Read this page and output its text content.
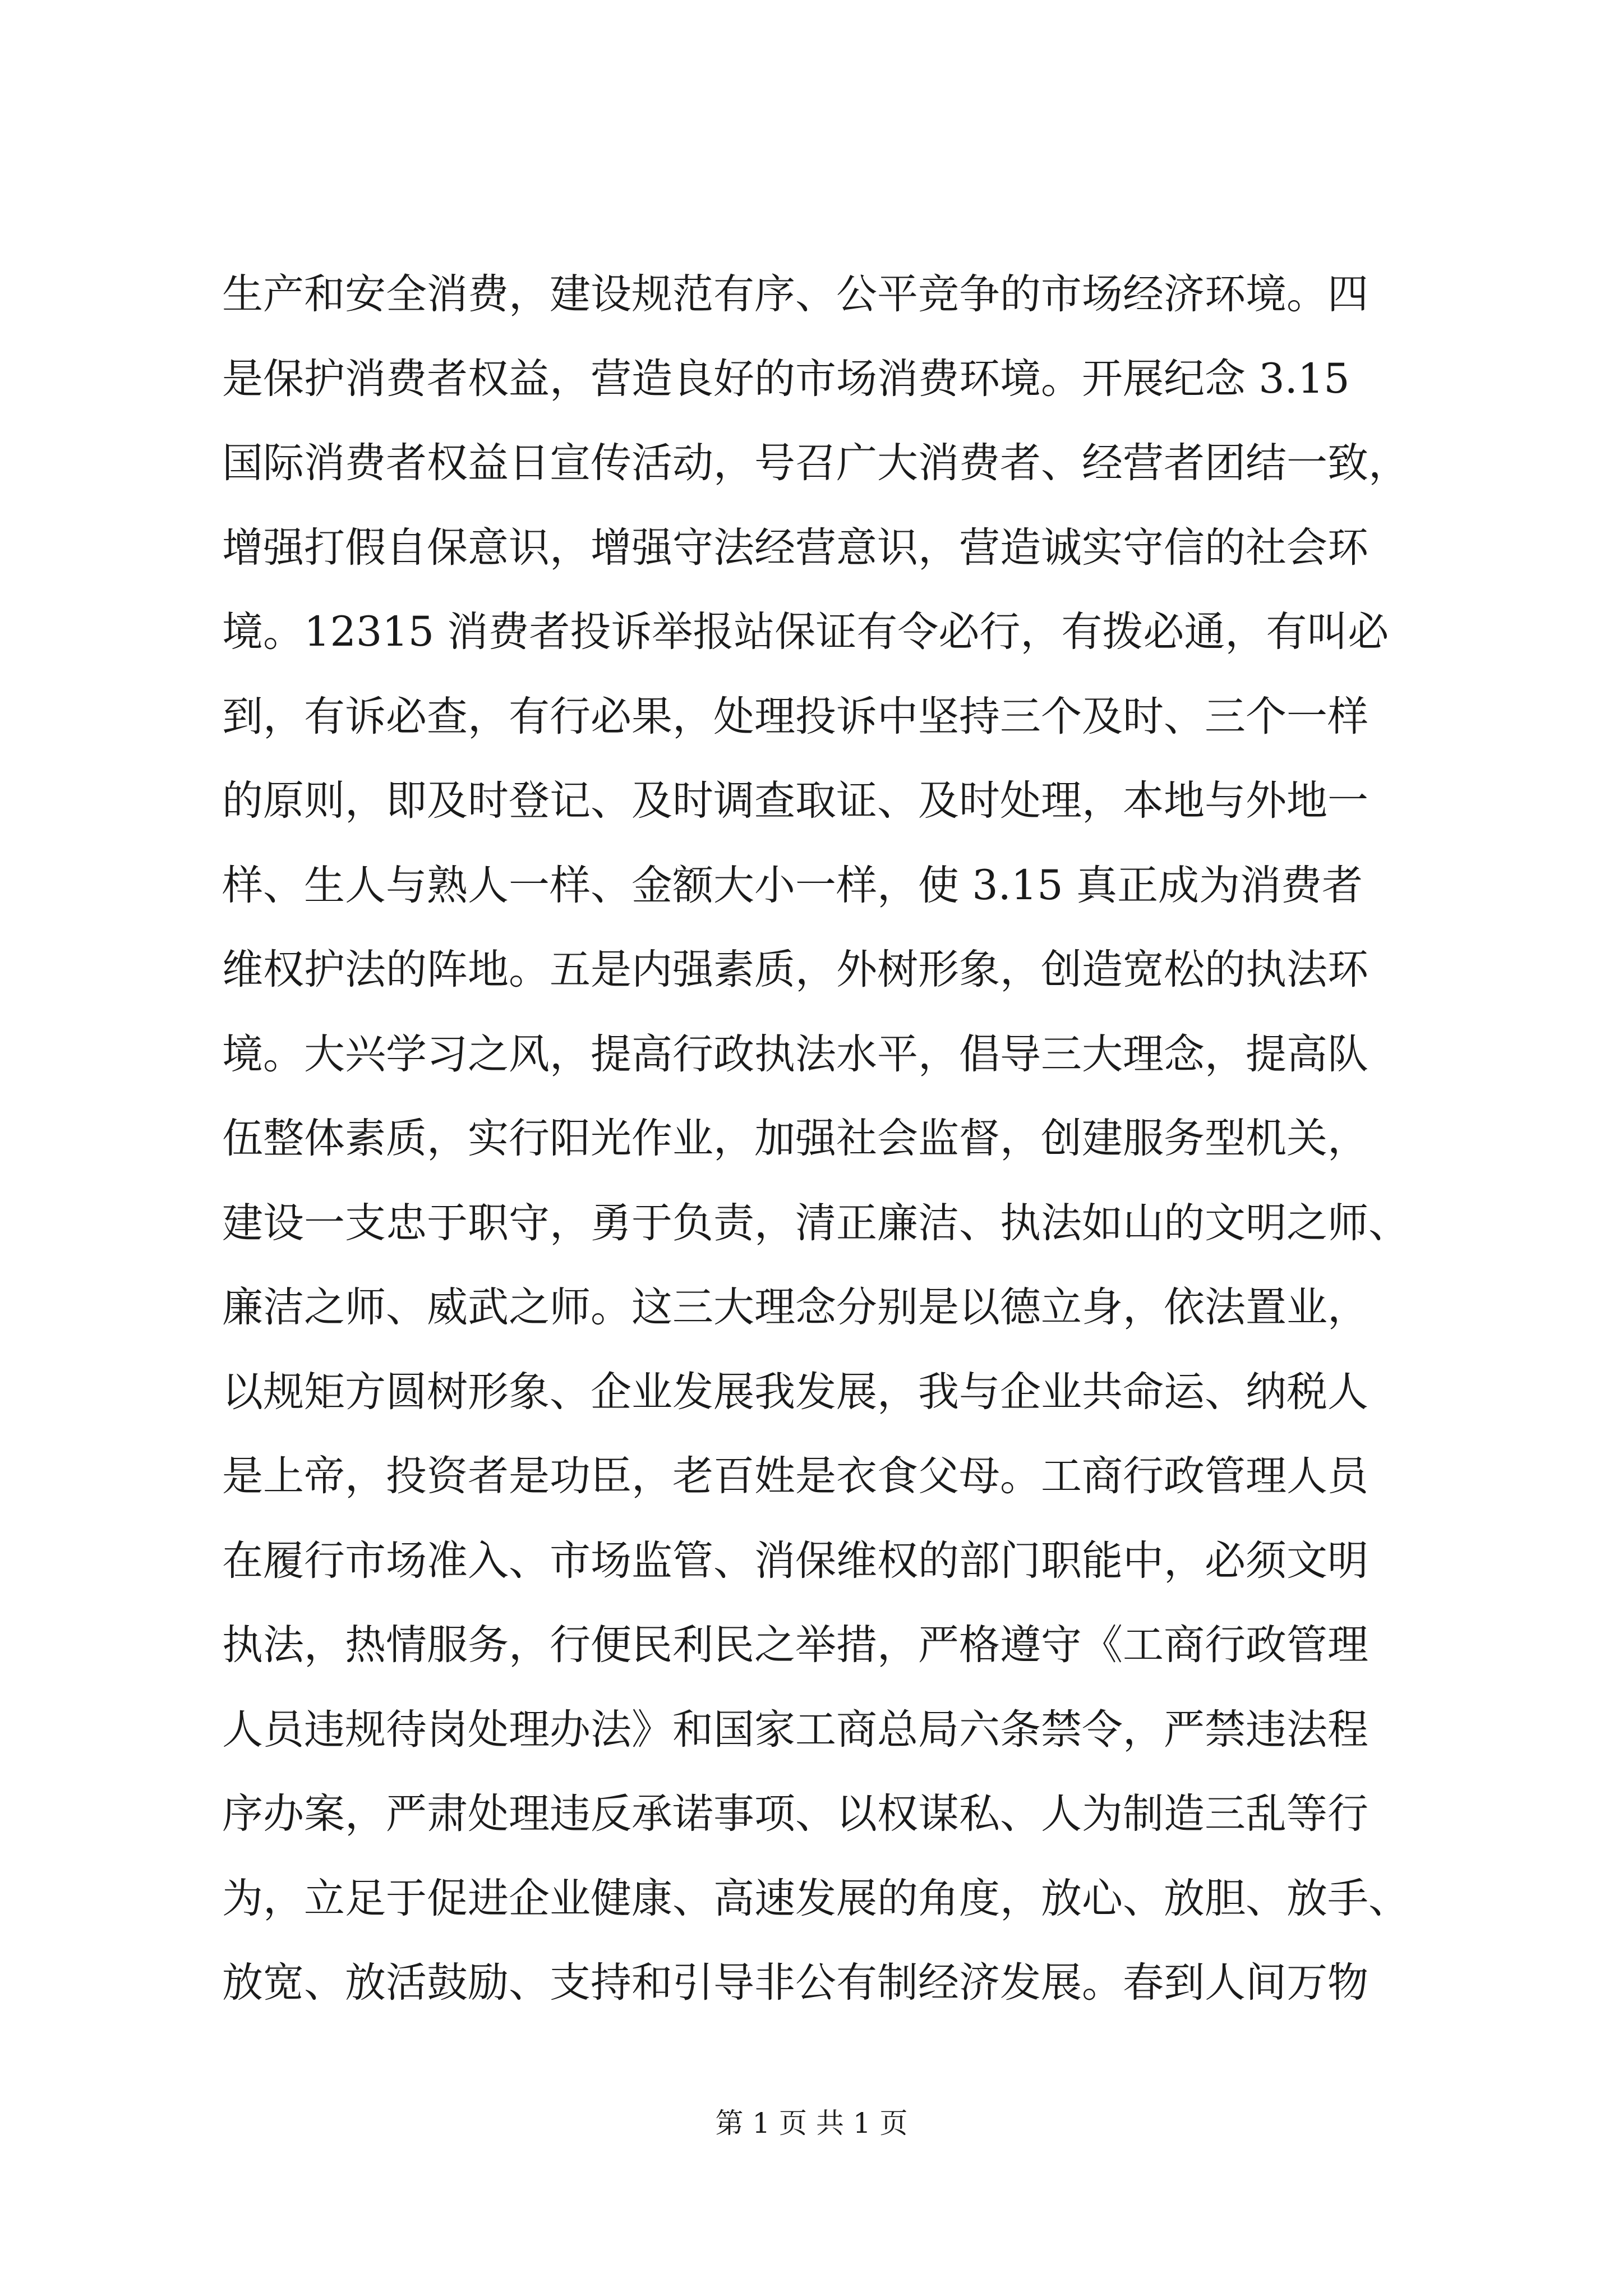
生产和安全消费，建设规范有序、公平竞争的市场经济环境。四
是保护消费者权益，营造良好的市场消费环境。开展纪念 3.15
国际消费者权益日宣传活动，号召广大消费者、经营者团结一致，
增强打假自保意识，增强守法经营意识，营造诚实守信的社会环
境。12315 消费者投诉举报站保证有令必行，有拨必通，有叫必
到，有诉必查，有行必果，处理投诉中坚持三个及时、三个一样
的原则，即及时登记、及时调查取证、及时处理，本地与外地一
样、生人与熟人一样、金额大小一样，使 3.15 真正成为消费者
维权护法的阵地。五是内强素质，外树形象，创造宽松的执法环
境。大兴学习之风，提高行政执法水平，倡导三大理念，提高队
伍整体素质，实行阳光作业，加强社会监督，创建服务型机关，
建设一支忠于职守，勇于负责，清正廉洁、执法如山的文明之师、
廉洁之师、威武之师。这三大理念分别是以德立身，依法置业，
以规矩方圆树形象、企业发展我发展，我与企业共命运、纳税人
是上帝，投资者是功臣，老百姓是衣食父母。工商行政管理人员
在履行市场准入、市场监管、消保维权的部门职能中，必须文明
执法，热情服务，行便民利民之举措，严格遵守《工商行政管理
人员违规待岗处理办法》和国家工商总局六条禁令，严禁违法程
序办案，严肃处理违反承诺事项、以权谋私、人为制造三乱等行
为，立足于促进企业健康、高速发展的角度，放心、放胆、放手、
放宽、放活鼓励、支持和引导非公有制经济发展。春到人间万物
第 1 页 共 1 页
